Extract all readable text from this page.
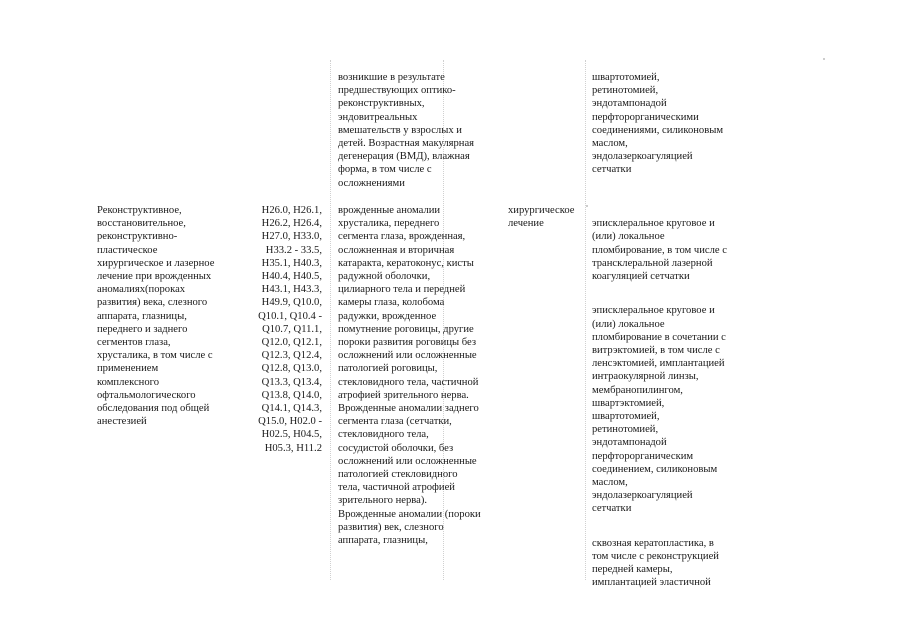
возникшие в результате
предшествующих оптико-
реконструктивных,
эндовитреальных
вмешательств у взрослых и
детей. Возрастная макулярная
дегенерация (ВМД), влажная
форма, в том числе с
осложнениями
швартотомией,
ретинотомией,
эндотампонадой
перфторорганическими
соединениями, силиконовым
маслом,
эндолазеркоагуляцией
сетчатки
Реконструктивное,
восстановительное,
реконструктивно-
пластическое
хирургическое и лазерное
лечение при врожденных
аномалиях(пороках
развития) века, слезного
аппарата, глазницы,
переднего и заднего
сегментов глаза,
хрусталика, в том числе с
применением
комплексного
офтальмологического
обследования под общей
анестезией
H26.0, H26.1,
H26.2, H26.4,
H27.0, H33.0,
H33.2 - 33.5,
H35.1, H40.3,
H40.4, H40.5,
H43.1, H43.3,
H49.9, Q10.0,
Q10.1, Q10.4 -
Q10.7, Q11.1,
Q12.0, Q12.1,
Q12.3, Q12.4,
Q12.8, Q13.0,
Q13.3, Q13.4,
Q13.8, Q14.0,
Q14.1, Q14.3,
Q15.0, H02.0 -
H02.5, H04.5,
H05.3, H11.2
врожденные аномалии
хрусталика, переднего
сегмента глаза, врожденная,
осложненная и вторичная
катаракта, кератоконус, кисты
радужной оболочки,
цилиарного тела и передней
камеры глаза, колобома
радужки, врожденное
помутнение роговицы, другие
пороки развития роговицы без
осложнений или осложненные
патологией роговицы,
стекловидного тела, частичной
атрофией зрительного нерва.
Врожденные аномалии заднего
сегмента глаза (сетчатки,
стекловидного тела,
сосудистой оболочки, без
осложнений или осложненные
патологией стекловидного
тела, частичной атрофией
зрительного нерва).
Врожденные аномалии (пороки
развития) век, слезного
аппарата, глазницы,
хирургическое
лечение	эписклеральное круговое и
(или) локальное
пломбирование, в том числе с
трансклеральной лазерной
коагуляцией сетчатки

эписклеральное круговое и
(или) локальное
пломбирование в сочетании с
витрэктомией, в том числе с
ленсэктомией, имплантацией
интраокулярной линзы,
мембранопилингом,
швартэктомией,
швартотомией,
ретинотомией,
эндотампонадой
перфторорганическим
соединением, силиконовым
маслом,
эндолазеркоагуляцией
сетчатки

сквозная кератопластика, в
том числе с реконструкцией
передней камеры,
имплантацией эластичной
